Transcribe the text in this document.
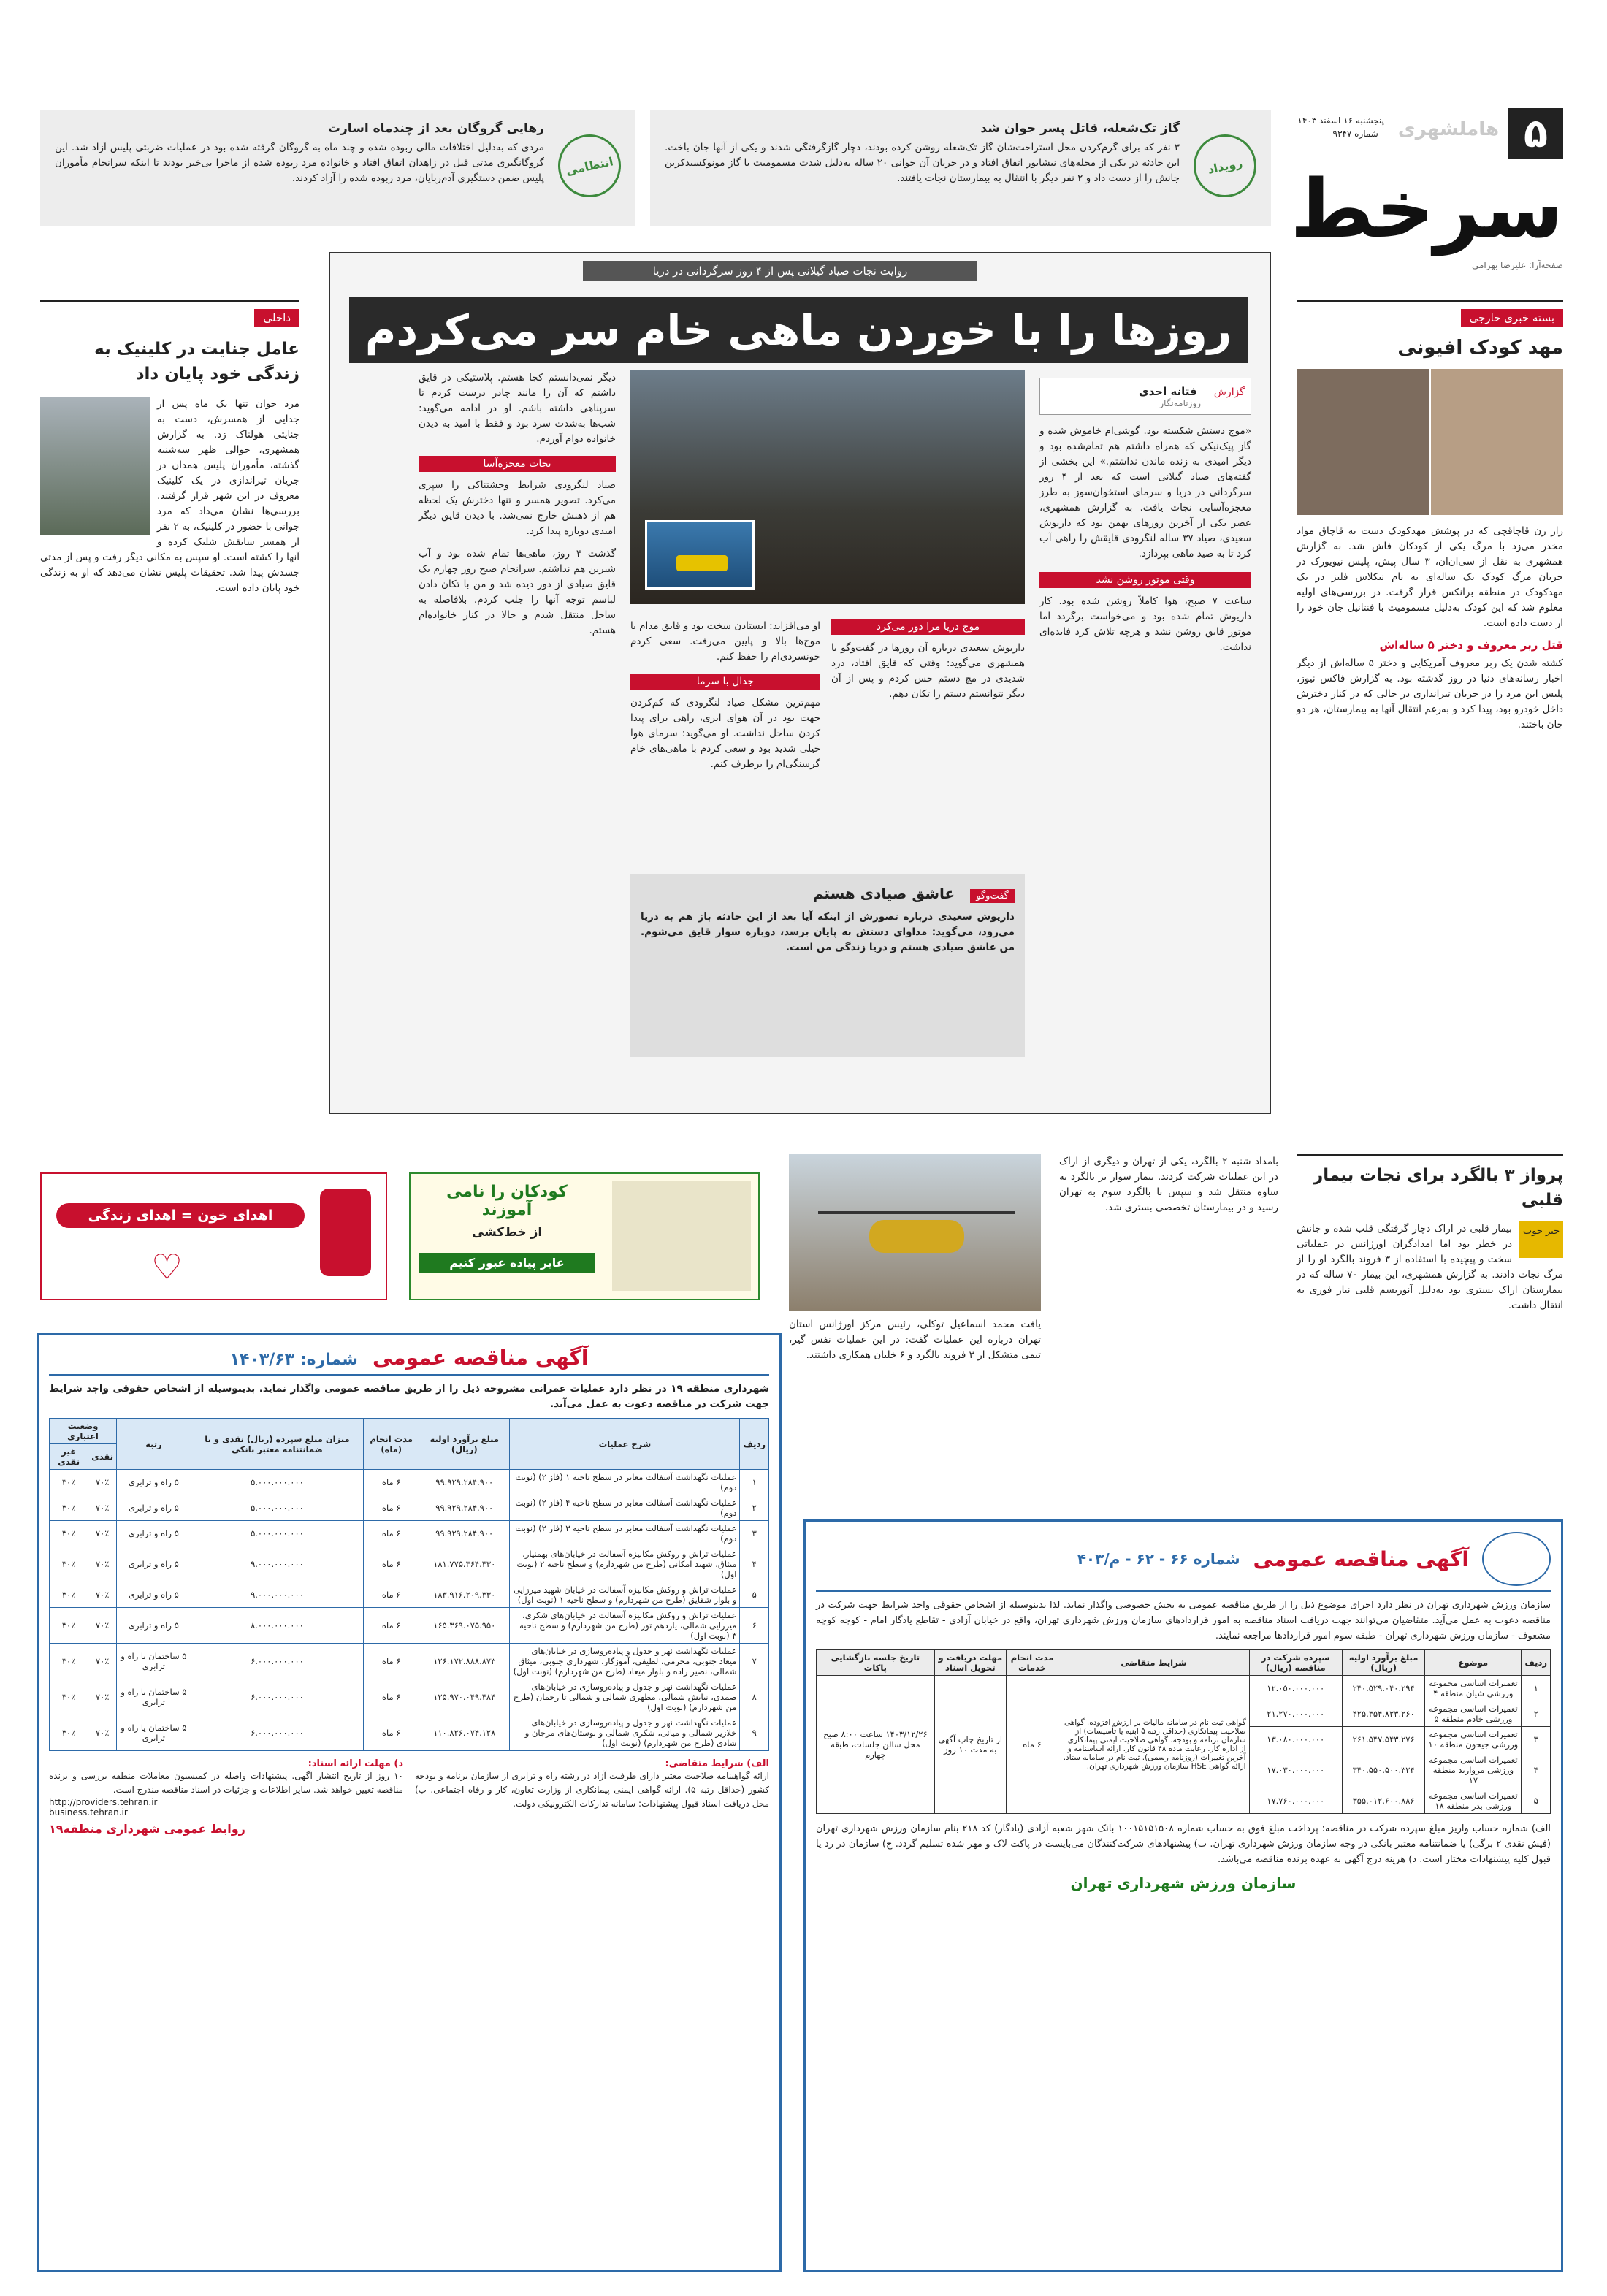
۵
هاملشهری
پنجشنبه ۱۶ اسفند ۱۴۰۳ - شماره ۹۳۴۷
سرخط
صفحه‌آرا: علیرضا بهرامی
رویداد
گاز تک‌شعله، قاتل پسر جوان شد

۳ نفر که برای گرم‌کردن محل استراحت‌شان گاز تک‌شعله روشن کرده بودند، دچار گازگرفتگی شدند و یکی از آنها جان باخت. این حادثه در یکی از محله‌های نیشابور اتفاق افتاد و در جریان آن جوانی ۲۰ ساله به‌دلیل شدت مسمومیت با گاز مونوکسیدکربن جانش را از دست داد و ۲ نفر دیگر با انتقال به بیمارستان نجات یافتند.

انتظامی
رهایی گروگان بعد از چندماه اسارت

مردی که به‌دلیل اختلافات مالی ربوده شده و چند ماه به گروگان گرفته شده بود در عملیات ضربتی پلیس آزاد شد. این گروگانگیری مدتی قبل در زاهدان اتفاق افتاد و خانواده مرد ربوده شده از ماجرا بی‌خبر بودند تا اینکه سرانجام مأموران پلیس ضمن دستگیری آدم‌ربایان، مرد ربوده شده را آزاد کردند.

بسته خبری خارجی
مهد کودک افیونی

راز زن قاچاقچی که در پوشش مهدکودک دست به قاچاق مواد مخدر می‌زد با مرگ یکی از کودکان فاش شد. به گزارش همشهری به نقل از سی‌ان‌ان، ۳ سال پیش، پلیس نیویورک در جریان مرگ کودک یک ساله‌ای به نام نیکلاس فلیز در یک مهدکودک در منطقه برانکس قرار گرفت. در بررسی‌های اولیه معلوم شد که این کودک به‌دلیل مسمومیت با فنتانیل جان خود را از دست داده است.

قتل ربر معروف و دختر ۵ ساله‌اش

کشته شدن یک ربر معروف آمریکایی و دختر ۵ ساله‌اش از دیگر اخبار رسانه‌های دنیا در روز گذشته بود. به گزارش فاکس نیوز، پلیس این مرد را در جریان تیراندازی در حالی که در کنار دخترش داخل خودرو بود، پیدا کرد و به‌رغم انتقال آنها به بیمارستان، هر دو جان باختند.

روایت نجات صیاد گیلانی پس از ۴ روز سرگردانی در دریا
روزها را با خوردن ماهی خام سر می‌کردم
گزارش فتانه احدی
روزنامه‌نگار

«موج دستش شکسته بود. گوشی‌ام خاموش شده و گاز پیک‌نیکی که همراه داشتم هم تمام‌شده بود و دیگر امیدی به زنده ماندن نداشتم.» این بخشی از گفته‌های صیاد گیلانی است که بعد از ۴ روز سرگردانی در دریا و سرمای استخوان‌سوز به طرز معجزه‌آسایی نجات یافت. به گزارش همشهری، عصر یکی از آخرین روزهای بهمن بود که داریوش سعیدی، صیاد ۳۷ ساله لنگرودی قایقش را راهی آب کرد تا به صید ماهی بپردازد.

وقتی موتور روشن نشد

ساعت ۷ صبح، هوا کاملاً روشن شده بود. کار داریوش تمام شده بود و می‌خواست برگردد اما موتور قایق روشن نشد و هرچه تلاش کرد فایده‌ای نداشت.

موج دریا مرا دور می‌کرد

داریوش سعیدی درباره آن روزها در گفت‌وگو با همشهری می‌گوید: وقتی که قایق افتاد، درد شدیدی در مچ دستم حس کردم و پس از آن دیگر نتوانستم دستم را تکان دهم.

او می‌افزاید: ایستادن سخت بود و قایق مدام با موج‌ها بالا و پایین می‌رفت. سعی کردم خونسردی‌ام را حفظ کنم.

جدال با سرما

مهم‌ترین مشکل صیاد لنگرودی که کم‌کردن جهت بود در آن هوای ابری، راهی برای پیدا کردن ساحل نداشت. او می‌گوید: سرمای هوا خیلی شدید بود و سعی کردم با ماهی‌های خام گرسنگی‌ام را برطرف کنم.

دیگر نمی‌دانستم کجا هستم. پلاستیکی در قایق داشتم که آن را مانند چادر درست کردم تا سرپناهی داشته باشم. او در ادامه می‌گوید: شب‌ها به‌شدت سرد بود و فقط با امید به دیدن خانواده دوام آوردم.

نجات معجزه‌آسا

صیاد لنگرودی شرایط وحشتناکی را سپری می‌کرد. تصویر همسر و تنها دخترش یک لحظه هم از ذهنش خارج نمی‌شد. با دیدن قایق دیگر امیدی دوباره پیدا کرد.

گذشت ۴ روز، ماهی‌ها تمام شده بود و آب شیرین هم نداشتم. سرانجام صبح روز چهارم یک قایق صیادی از دور دیده شد و من با تکان دادن لباسم توجه آنها را جلب کردم. بلافاصله به ساحل منتقل شدم و حالا در کنار خانواده‌ام هستم.

گفت‌وگو عاشق صیادی هستم

داریوش سعیدی درباره تصورش از اینکه آیا بعد از این حادثه باز هم به دریا می‌رود، می‌گوید: مداوای دستش به پایان برسد، دوباره سوار قایق می‌شوم. من عاشق صیادی هستم و دریا زندگی من است.

داخلی
عامل جنایت در کلینیک به زندگی خود پایان داد

مرد جوان تنها یک ماه پس از جدایی از همسرش، دست به جنایتی هولناک زد. به گزارش همشهری، حوالی ظهر سه‌شنبه گذشته، مأموران پلیس همدان در جریان تیراندازی در یک کلینیک معروف در این شهر قرار گرفتند. بررسی‌ها نشان می‌داد که مرد جوانی با حضور در کلینیک، به ۲ نفر از همسر سابقش شلیک کرده و آنها را کشته است. او سپس به مکانی دیگر رفت و پس از مدتی جسدش پیدا شد. تحقیقات پلیس نشان می‌دهد که او به زندگی خود پایان داده است.

پرواز ۳ بالگرد برای نجات بیمار قلبی
خبر خوب

بیمار قلبی در اراک دچار گرفتگی قلب شده و جانش در خطر بود اما امدادگران اورژانس در عملیاتی سخت و پیچیده با استفاده از ۳ فروند بالگرد او را از مرگ نجات دادند. به گزارش همشهری، این بیمار ۷۰ ساله که در بیمارستان اراک بستری بود به‌دلیل آنوریسم قلبی نیاز فوری به انتقال داشت.

بامداد شنبه ۲ بالگرد، یکی از تهران و دیگری از اراک در این عملیات شرکت کردند. بیمار سوار بر بالگرد به ساوه منتقل شد و سپس با بالگرد سوم به تهران رسید و در بیمارستان تخصصی بستری شد.

یافت محمد اسماعیل توکلی، رئیس مرکز اورژانس استان تهران درباره این عملیات گفت: در این عملیات نفس گیر، تیمی متشکل از ۳ فروند بالگرد و ۶ خلبان همکاری داشتند.

کودکان را نامی آموزند
از خط‌کشی
عابر پیاده عبور کنیم
اهدای خون = اهدای زندگی
♡
آگهی مناقصه عمومی
شماره: ۱۴۰۳/۶۳

شهرداری منطقه ۱۹ در نظر دارد عملیات عمرانی مشروحه ذیل را از طریق مناقصه عمومی واگذار نماید. بدینوسیله از اشخاص حقوقی واجد شرایط جهت شرکت در مناقصه دعوت به عمل می‌آید.

ردیف	شرح عملیات	مبلغ برآورد اولیه (ریال)	مدت انجام (ماه)	میزان مبلغ سپرده (ریال) نقدی و یا ضمانتنامه معتبر بانکی	رتبه	وضعیت اعتباری	
						نقدی	غیر نقدی
۱	عملیات نگهداشت آسفالت معابر در سطح ناحیه ۱ (فاز ۲) (نوبت دوم)	۹۹.۹۲۹.۲۸۴.۹۰۰	۶ ماه	۵.۰۰۰.۰۰۰.۰۰۰	۵ راه و ترابری	۷۰٪	۳۰٪
۲	عملیات نگهداشت آسفالت معابر در سطح ناحیه ۴ (فاز ۲) (نوبت دوم)	۹۹.۹۲۹.۲۸۴.۹۰۰	۶ ماه	۵.۰۰۰.۰۰۰.۰۰۰	۵ راه و ترابری	۷۰٪	۳۰٪
۳	عملیات نگهداشت آسفالت معابر در سطح ناحیه ۳ (فاز ۲) (نوبت دوم)	۹۹.۹۲۹.۲۸۴.۹۰۰	۶ ماه	۵.۰۰۰.۰۰۰.۰۰۰	۵ راه و ترابری	۷۰٪	۳۰٪
۴	عملیات تراش و روکش مکانیزه آسفالت در خیابان‌های بهمنیار، میثاق، شهید امکانی (طرح من شهردارم) و سطح ناحیه ۲ (نوبت اول)	۱۸۱.۷۷۵.۳۶۴.۴۳۰	۶ ماه	۹.۰۰۰.۰۰۰.۰۰۰	۵ راه و ترابری	۷۰٪	۳۰٪
۵	عملیات تراش و روکش مکانیزه آسفالت در خیابان شهید میرزایی و بلوار شقایق (طرح من شهردارم) و سطح ناحیه ۱ (نوبت اول)	۱۸۳.۹۱۶.۲۰۹.۳۳۰	۶ ماه	۹.۰۰۰.۰۰۰.۰۰۰	۵ راه و ترابری	۷۰٪	۳۰٪
۶	عملیات تراش و روکش مکانیزه آسفالت در خیابان‌های شکری، میرزایی شمالی، یازدهم تور (طرح من شهردارم) و سطح ناحیه ۳ (نوبت اول)	۱۶۵.۳۶۹.۰۷۵.۹۵۰	۶ ماه	۸.۰۰۰.۰۰۰.۰۰۰	۵ راه و ترابری	۷۰٪	۳۰٪
۷	عملیات نگهداشت نهر و جدول و پیاده‌روسازی در خیابان‌های میعاد جنوبی، محرمی، لطیفی، آموزگار، شهرداری جنوبی، میثاق شمالی، نصیر زاده و بلوار میعاد (طرح من شهردارم) (نوبت اول)	۱۲۶.۱۷۲.۸۸۸.۸۷۳	۶ ماه	۶.۰۰۰.۰۰۰.۰۰۰	۵ ساختمان یا راه و ترابری	۷۰٪	۳۰٪
۸	عملیات نگهداشت نهر و جدول و پیاده‌روسازی در خیابان‌های صمدی، نیایش شمالی، مطهری شمالی و شمالی تا رحمان (طرح من شهردارم) (نوبت اول)	۱۲۵.۹۷۰.۰۴۹.۴۸۴	۶ ماه	۶.۰۰۰.۰۰۰.۰۰۰	۵ ساختمان یا راه و ترابری	۷۰٪	۳۰٪
۹	عملیات نگهداشت نهر و جدول و پیاده‌روسازی در خیابان‌های خلازیر شمالی و میانی، شکری شمالی و بوستان‌های مرجان و شادی (طرح من شهردارم) (نوبت اول)	۱۱۰.۸۲۶.۰۷۴.۱۲۸	۶ ماه	۶.۰۰۰.۰۰۰.۰۰۰	۵ ساختمان یا راه و ترابری	۷۰٪	۳۰٪
الف) شرایط متقاضی:

ارائه گواهینامه صلاحیت معتبر دارای ظرفیت آزاد در رشته راه و ترابری از سازمان برنامه و بودجه کشور (حداقل رتبه ۵). ارائه گواهی ایمنی پیمانکاری از وزارت تعاون، کار و رفاه اجتماعی. ب) محل دریافت اسناد قبول پیشنهادات: سامانه تدارکات الکترونیکی دولت.

د) مهلت ارائه اسناد:

۱۰ روز از تاریخ انتشار آگهی. پیشنهادات واصله در کمیسیون معاملات منطقه بررسی و برنده مناقصه تعیین خواهد شد. سایر اطلاعات و جزئیات در اسناد مناقصه مندرج است.

http://providers.tehran.ir
business.tehran.ir
روابط عمومی شهرداری منطقه۱۹
آگهی مناقصه عمومی
شماره ۶۶ - ۶۲ - م/۴۰۳

سازمان ورزش شهرداری تهران در نظر دارد اجرای موضوع ذیل را از طریق مناقصه عمومی به بخش خصوصی واگذار نماید. لذا بدینوسیله از اشخاص حقوقی واجد شرایط جهت شرکت در مناقصه دعوت به عمل می‌آید. متقاضیان می‌توانند جهت دریافت اسناد مناقصه به امور قراردادهای سازمان ورزش شهرداری تهران، واقع در خیابان آزادی - تقاطع یادگار امام - کوچه کوچه مشعوف - سازمان ورزش شهرداری تهران - طبقه سوم امور قراردادها مراجعه نمایند.

ردیف	موضوع	مبلغ برآورد اولیه (ریال)	سپرده شرکت در مناقصه (ریال)	شرایط متقاضی	مدت انجام خدمات	مهلت دریافت و تحویل اسناد	تاریخ جلسه بازگشایی پاکات
۱	تعمیرات اساسی مجموعه ورزشی شیان منطقه ۴	۲۴۰.۵۲۹.۰۴۰.۲۹۴	۱۲.۰۵۰.۰۰۰.۰۰۰	گواهی ثبت نام در سامانه مالیات بر ارزش افزوده. گواهی صلاحیت پیمانکاری (حداقل رتبه ۵ ابنیه یا تأسیسات) از سازمان برنامه و بودجه. گواهی صلاحیت ایمنی پیمانکاری از اداره کار. رعایت ماده ۴۸ قانون کار. ارائه اساسنامه و آخرین تغییرات (روزنامه رسمی). ثبت نام در سامانه ستاد. ارائه گواهی HSE سازمان ورزش شهرداری تهران.	۶ ماه	از تاریخ چاپ آگهی به مدت ۱۰ روز	۱۴۰۳/۱۲/۲۶ ساعت ۸:۰۰ صبح محل سالن جلسات، طبقه چهارم
۲	تعمیرات اساسی مجموعه ورزشی خادم منطقه ۵	۴۲۵.۳۵۴.۸۲۳.۲۶۰	۲۱.۲۷۰.۰۰۰.۰۰۰				
۳	تعمیرات اساسی مجموعه ورزشی جیحون منطقه ۱۰	۲۶۱.۵۴۷.۵۴۳.۲۷۶	۱۳.۰۸۰.۰۰۰.۰۰۰				
۴	تعمیرات اساسی مجموعه ورزشی مروارید منطقه ۱۷	۳۴۰.۵۵۰.۵۰۰.۳۲۴	۱۷.۰۳۰.۰۰۰.۰۰۰				
۵	تعمیرات اساسی مجموعه ورزشی بدر منطقه ۱۸	۳۵۵.۰۱۲.۶۰۰.۸۸۶	۱۷.۷۶۰.۰۰۰.۰۰۰				

الف) شماره حساب واریز مبلغ سپرده شرکت در مناقصه: پرداخت مبلغ فوق به حساب شماره ۱۰۰۱۵۱۵۱۵۰۸ بانک شهر شعبه آزادی (یادگار) کد ۲۱۸ بنام سازمان ورزش شهرداری تهران (فیش نقدی ۲ برگی) یا ضمانتنامه معتبر بانکی در وجه سازمان ورزش شهرداری تهران. ب) پیشنهادهای شرکت‌کنندگان می‌بایست در پاکت لاک و مهر شده تسلیم گردد. ج) سازمان در رد یا قبول کلیه پیشنهادات مختار است. د) هزینه درج آگهی به عهده برنده مناقصه می‌باشد.

سازمان ورزش شهرداری تهران
